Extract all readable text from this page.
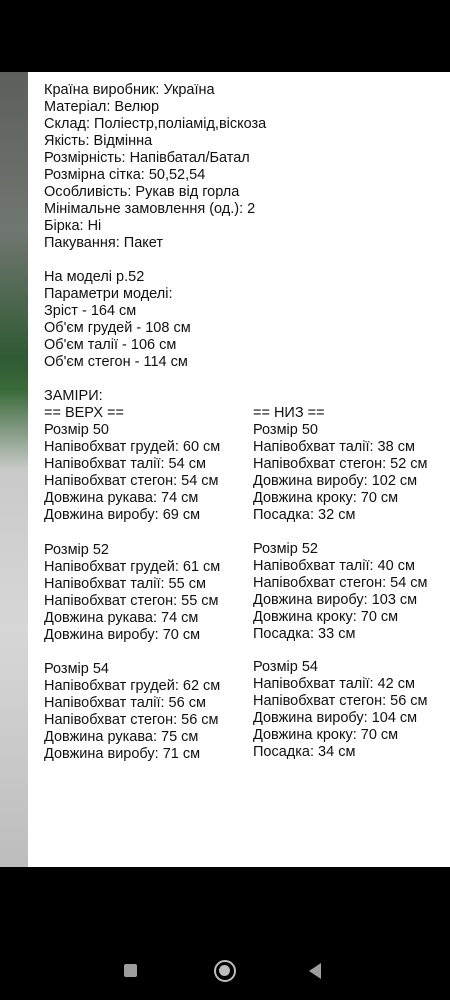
Країна виробник: Україна
Матеріал: Велюр
Склад: Поліестр,поліамід,віскоза
Якість: Відмінна
Розмірність: Напівбатал/Батал
Розмірна сітка: 50,52,54
Особливість: Рукав від горла
Мінімальне замовлення (од.): 2
Бірка: Ні
Пакування: Пакет
На моделі р.52
Параметри моделі:
Зріст - 164 см
Об'єм грудей - 108 см
Об'єм талії - 106 см
Об'єм стегон - 114 см
ЗАМІРИ:
== ВЕРХ ==	== НИЗ ==
Розмір 50
Напівобхват грудей: 60 см
Напівобхват талії: 54 см
Напівобхват стегон: 54 см
Довжина рукава: 74 см
Довжина виробу: 69 см
Розмір 50
Напівобхват талії: 38 см
Напівобхват стегон: 52 см
Довжина виробу: 102 см
Довжина кроку: 70 см
Посадка: 32 см
Розмір 52
Напівобхват грудей: 61 см
Напівобхват талії: 55 см
Напівобхват стегон: 55 см
Довжина рукава: 74 см
Довжина виробу: 70 см
Розмір 52
Напівобхват талії: 40 см
Напівобхват стегон: 54 см
Довжина виробу: 103 см
Довжина кроку: 70 см
Посадка: 33 см
Розмір 54
Напівобхват грудей: 62 см
Напівобхват талії: 56 см
Напівобхват стегон: 56 см
Довжина рукава: 75 см
Довжина виробу: 71 см
Розмір 54
Напівобхват талії: 42 см
Напівобхват стегон: 56 см
Довжина виробу: 104 см
Довжина кроку: 70 см
Посадка: 34 см
